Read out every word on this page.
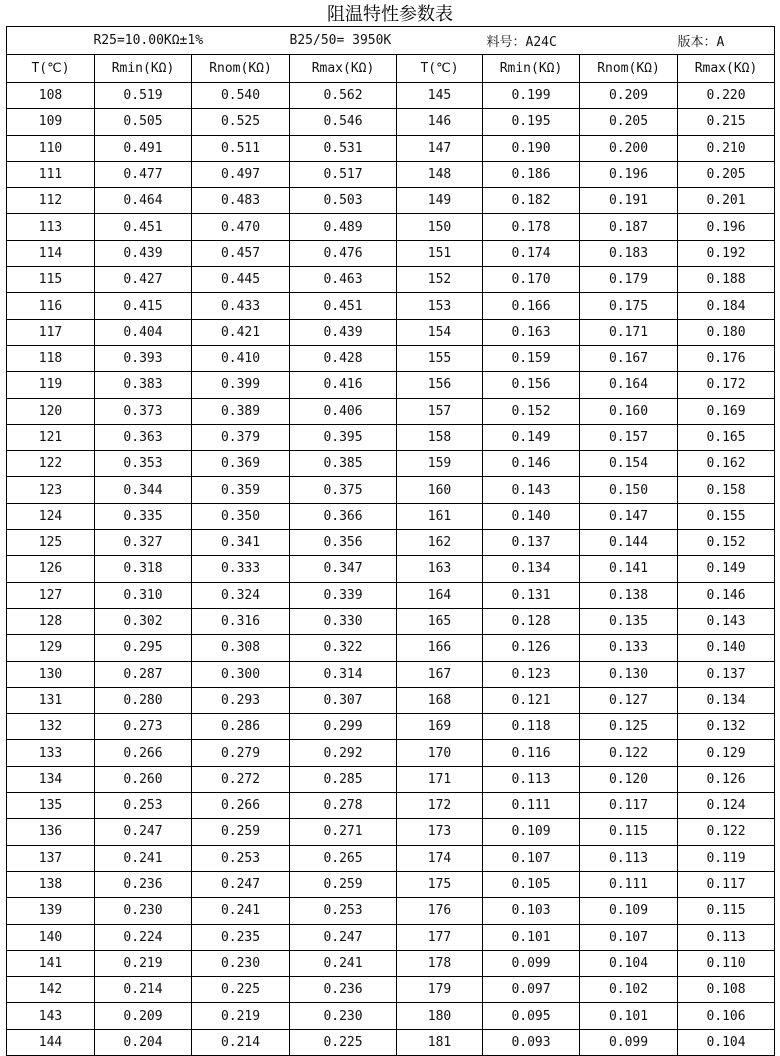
阻温特性参数表
R25=10.00KΩ±1%			B25/50= 3950K		料号：A24C		版本：A
T(℃)	Rmin(KΩ)	Rnom(KΩ)	Rmax(KΩ)	T(℃)	Rmin(KΩ)	Rnom(KΩ)	Rmax(KΩ)
108	0.519	0.540	0.562	145	0.199	0.209	0.220
109	0.505	0.525	0.546	146	0.195	0.205	0.215
110	0.491	0.511	0.531	147	0.190	0.200	0.210
111	0.477	0.497	0.517	148	0.186	0.196	0.205
112	0.464	0.483	0.503	149	0.182	0.191	0.201
113	0.451	0.470	0.489	150	0.178	0.187	0.196
114	0.439	0.457	0.476	151	0.174	0.183	0.192
115	0.427	0.445	0.463	152	0.170	0.179	0.188
116	0.415	0.433	0.451	153	0.166	0.175	0.184
117	0.404	0.421	0.439	154	0.163	0.171	0.180
118	0.393	0.410	0.428	155	0.159	0.167	0.176
119	0.383	0.399	0.416	156	0.156	0.164	0.172
120	0.373	0.389	0.406	157	0.152	0.160	0.169
121	0.363	0.379	0.395	158	0.149	0.157	0.165
122	0.353	0.369	0.385	159	0.146	0.154	0.162
123	0.344	0.359	0.375	160	0.143	0.150	0.158
124	0.335	0.350	0.366	161	0.140	0.147	0.155
125	0.327	0.341	0.356	162	0.137	0.144	0.152
126	0.318	0.333	0.347	163	0.134	0.141	0.149
127	0.310	0.324	0.339	164	0.131	0.138	0.146
128	0.302	0.316	0.330	165	0.128	0.135	0.143
129	0.295	0.308	0.322	166	0.126	0.133	0.140
130	0.287	0.300	0.314	167	0.123	0.130	0.137
131	0.280	0.293	0.307	168	0.121	0.127	0.134
132	0.273	0.286	0.299	169	0.118	0.125	0.132
133	0.266	0.279	0.292	170	0.116	0.122	0.129
134	0.260	0.272	0.285	171	0.113	0.120	0.126
135	0.253	0.266	0.278	172	0.111	0.117	0.124
136	0.247	0.259	0.271	173	0.109	0.115	0.122
137	0.241	0.253	0.265	174	0.107	0.113	0.119
138	0.236	0.247	0.259	175	0.105	0.111	0.117
139	0.230	0.241	0.253	176	0.103	0.109	0.115
140	0.224	0.235	0.247	177	0.101	0.107	0.113
141	0.219	0.230	0.241	178	0.099	0.104	0.110
142	0.214	0.225	0.236	179	0.097	0.102	0.108
143	0.209	0.219	0.230	180	0.095	0.101	0.106
144	0.204	0.214	0.225	181	0.093	0.099	0.104
